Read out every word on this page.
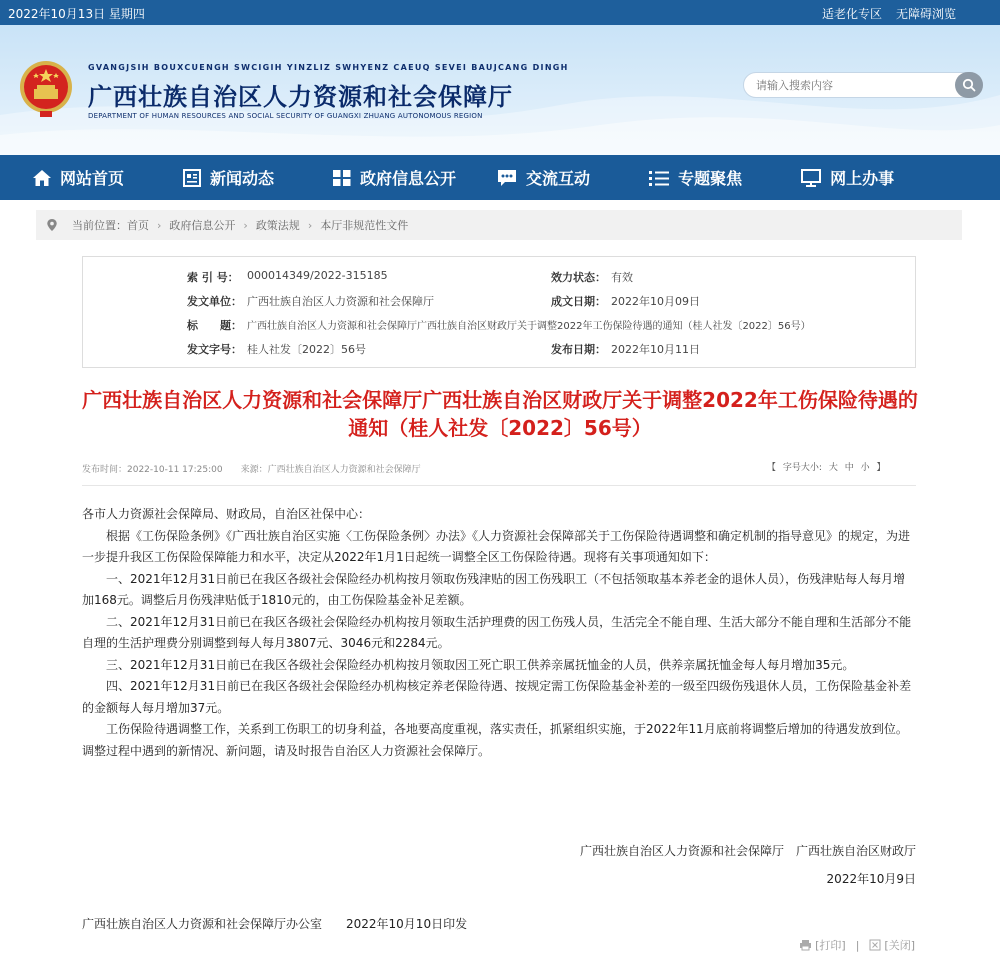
2022年10月13日 星期四	适老化专区 无障碍浏览
GVANGJSIH BOUXCUENGH SWCIGIH YINZLIZ SWHYENZ CAEUQ SEVEI BAUJCANG DINGH
广西壮族自治区人力资源和社会保障厅
DEPARTMENT OF HUMAN RESOURCES AND SOCIAL SECURITY OF GUANGXI ZHUANG AUTONOMOUS REGION
请输入搜索内容
网站首页	新闻动态	政府信息公开	交流互动	专题聚焦	网上办事
当前位置： 首页 › 政府信息公开 › 政策法规 › 本厅非规范性文件
索 引 号： 000014349/2022-315185	效力状态： 有效
发文单位： 广西壮族自治区人力资源和社会保障厅	成文日期： 2022年10月09日
标　　题： 广西壮族自治区人力资源和社会保障厅广西壮族自治区财政厅关于调整2022年工伤保险待遇的通知（桂人社发〔2022〕56号）
发文字号： 桂人社发〔2022〕56号	发布日期： 2022年10月11日
广西壮族自治区人力资源和社会保障厅广西壮族自治区财政厅关于调整2022年工伤保险待遇的
通知（桂人社发〔2022〕56号）
发布时间：2022-10-11 17:25:00　　来源：广西壮族自治区人力资源和社会保障厅	【 字号大小: 大 中 小 】

各市人力资源社会保障局、财政局，自治区社保中心：

根据《工伤保险条例》《广西壮族自治区实施〈工伤保险条例〉办法》《人力资源社会保障部关于工伤保险待遇调整和确定机制的指导意见》的规定，为进一步提升我区工伤保险保障能力和水平，决定从2022年1月1日起统一调整全区工伤保险待遇。现将有关事项通知如下：

一、2021年12月31日前已在我区各级社会保险经办机构按月领取伤残津贴的因工伤残职工（不包括领取基本养老金的退休人员），伤残津贴每人每月增加168元。调整后月伤残津贴低于1810元的，由工伤保险基金补足差额。

二、2021年12月31日前已在我区各级社会保险经办机构按月领取生活护理费的因工伤残人员，生活完全不能自理、生活大部分不能自理和生活部分不能自理的生活护理费分别调整到每人每月3807元、3046元和2284元。

三、2021年12月31日前已在我区各级社会保险经办机构按月领取因工死亡职工供养亲属抚恤金的人员，供养亲属抚恤金每人每月增加35元。

四、2021年12月31日前已在我区各级社会保险经办机构核定养老保险待遇、按规定需工伤保险基金补差的一级至四级伤残退休人员，工伤保险基金补差的金额每人每月增加37元。

工伤保险待遇调整工作，关系到工伤职工的切身利益，各地要高度重视，落实责任，抓紧组织实施，于2022年11月底前将调整后增加的待遇发放到位。调整过程中遇到的新情况、新问题，请及时报告自治区人力资源社会保障厅。

广西壮族自治区人力资源和社会保障厅　广西壮族自治区财政厅
2022年10月9日
广西壮族自治区人力资源和社会保障厅办公室　　2022年10月10日印发
[打印] | [关闭]
